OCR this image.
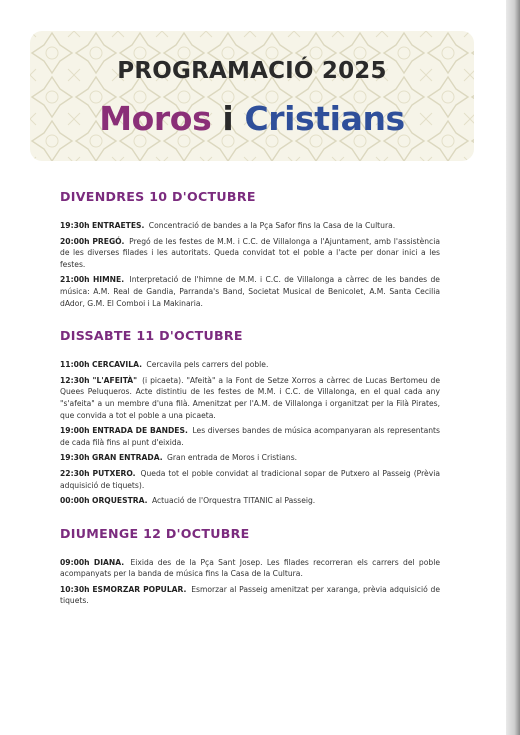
PROGRAMACIÓ 2025
Moros i Cristians
DIVENDRES 10 D'OCTUBRE
19:30h ENTRAETES. Concentració de bandes a la Pça Safor fins la Casa de la Cultura.
20:00h PREGÓ. Pregó de les festes de M.M. i C.C. de Villalonga a l'Ajuntament, amb l'assistència de les diverses filades i les autoritats. Queda convidat tot el poble a l'acte per donar inici a les festes.
21:00h HIMNE. Interpretació de l'himne de M.M. i C.C. de Villalonga a càrrec de les bandes de música: A.M. Real de Gandia, Parranda's Band, Societat Musical de Benicolet, A.M. Santa Cecilia dAdor, G.M. El Comboi i La Makinaria.
DISSABTE 11 D'OCTUBRE
11:00h CERCAVILA. Cercavila pels carrers del poble.
12:30h "L'AFEITÀ" (i picaeta). "Afeità" a la Font de Setze Xorros a càrrec de Lucas Bertomeu de Quees Peluqueros. Acte distintiu de les festes de M.M. i C.C. de Villalonga, en el qual cada any "s'afeita" a un membre d'una filà. Amenitzat per l'A.M. de Villalonga i organitzat per la Filà Pirates, que convida a tot el poble a una picaeta.
19:00h ENTRADA DE BANDES. Les diverses bandes de música acompanyaran als representants de cada filà fins al punt d'eixida.
19:30h GRAN ENTRADA. Gran entrada de Moros i Cristians.
22:30h PUTXERO. Queda tot el poble convidat al tradicional sopar de Putxero al Passeig (Prèvia adquisició de tiquets).
00:00h ORQUESTRA. Actuació de l'Orquestra TITANIC al Passeig.
DIUMENGE 12 D'OCTUBRE
09:00h DIANA. Eixida des de la Pça Sant Josep. Les filades recorreran els carrers del poble acompanyats per la banda de música fins la Casa de la Cultura.
10:30h ESMORZAR POPULAR. Esmorzar al Passeig amenitzat per xaranga, prèvia adquisició de tiquets.
